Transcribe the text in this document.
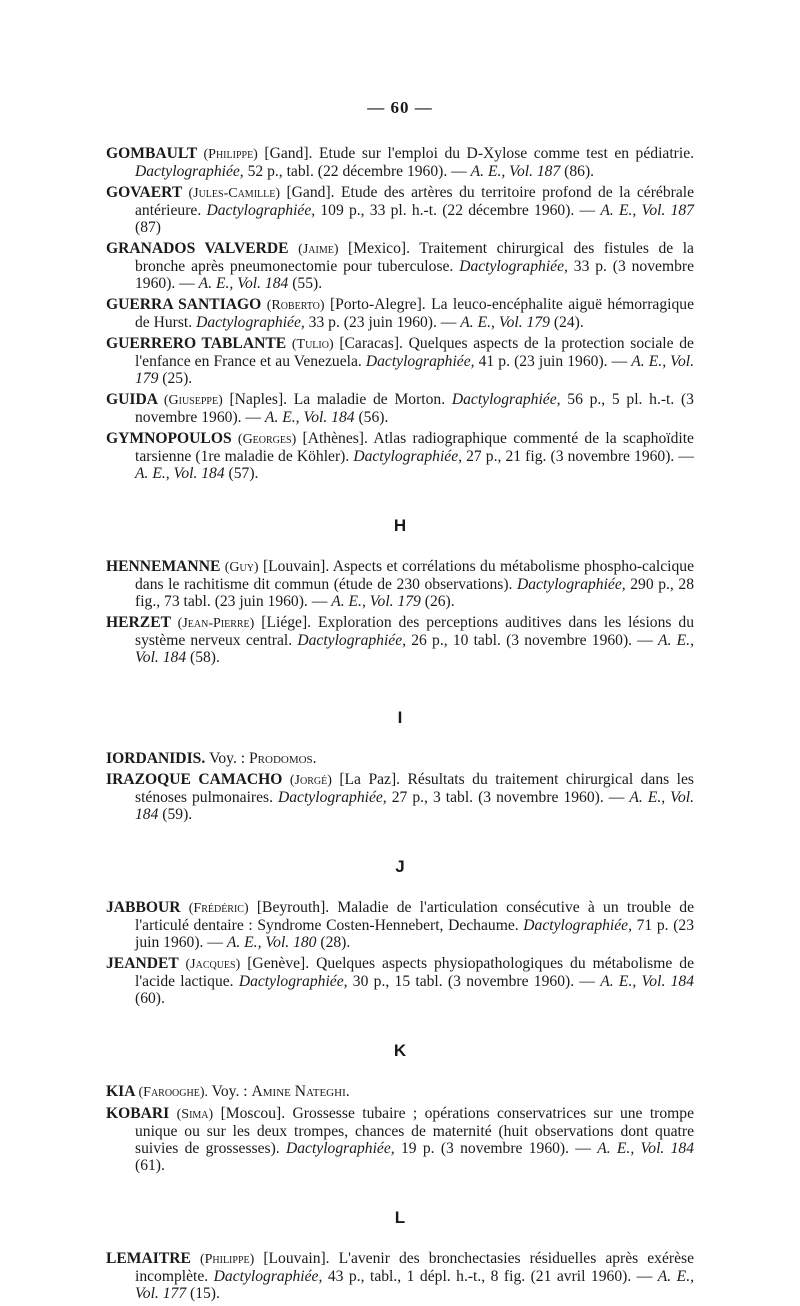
— 60 —

GOMBAULT (Philippe) [Gand]. Etude sur l'emploi du D-Xylose comme test en pédiatrie. Dactylographiée, 52 p., tabl. (22 décembre 1960). — A. E., Vol. 187 (86).

GOVAERT (Jules-Camille) [Gand]. Etude des artères du territoire profond de la cérébrale antérieure. Dactylographiée, 109 p., 33 pl. h.-t. (22 décembre 1960). — A. E., Vol. 187 (87)

GRANADOS VALVERDE (Jaime) [Mexico]. Traitement chirurgical des fistules de la bronche après pneumonectomie pour tuberculose. Dactylographiée, 33 p. (3 novembre 1960). — A. E., Vol. 184 (55).

GUERRA SANTIAGO (Roberto) [Porto-Alegre]. La leuco-encéphalite aiguë hémorragique de Hurst. Dactylographiée, 33 p. (23 juin 1960). — A. E., Vol. 179 (24).

GUERRERO TABLANTE (Tulio) [Caracas]. Quelques aspects de la protection sociale de l'enfance en France et au Venezuela. Dactylographiée, 41 p. (23 juin 1960). — A. E., Vol. 179 (25).

GUIDA (Giuseppe) [Naples]. La maladie de Morton. Dactylographiée, 56 p., 5 pl. h.-t. (3 novembre 1960). — A. E., Vol. 184 (56).

GYMNOPOULOS (Georges) [Athènes]. Atlas radiographique commenté de la scaphoïdite tarsienne (1re maladie de Köhler). Dactylographiée, 27 p., 21 fig. (3 novembre 1960). — A. E., Vol. 184 (57).

H

HENNEMANNE (Guy) [Louvain]. Aspects et corrélations du métabolisme phospho-calcique dans le rachitisme dit commun (étude de 230 observations). Dactylographiée, 290 p., 28 fig., 73 tabl. (23 juin 1960). — A. E., Vol. 179 (26).

HERZET (Jean-Pierre) [Liége]. Exploration des perceptions auditives dans les lésions du système nerveux central. Dactylographiée, 26 p., 10 tabl. (3 novembre 1960). — A. E., Vol. 184 (58).

I

IORDANIDIS. Voy. : Prodomos.

IRAZOQUE CAMACHO (Jorgé) [La Paz]. Résultats du traitement chirurgical dans les sténoses pulmonaires. Dactylographiée, 27 p., 3 tabl. (3 novembre 1960). — A. E., Vol. 184 (59).

J

JABBOUR (Frédéric) [Beyrouth]. Maladie de l'articulation consécutive à un trouble de l'articulé dentaire : Syndrome Costen-Hennebert, Dechaume. Dactylographiée, 71 p. (23 juin 1960). — A. E., Vol. 180 (28).

JEANDET (Jacques) [Genève]. Quelques aspects physiopathologiques du métabolisme de l'acide lactique. Dactylographiée, 30 p., 15 tabl. (3 novembre 1960). — A. E., Vol. 184 (60).

K

KIA (Farooghe). Voy. : Amine Nateghi.

KOBARI (Sima) [Moscou]. Grossesse tubaire ; opérations conservatrices sur une trompe unique ou sur les deux trompes, chances de maternité (huit observations dont quatre suivies de grossesses). Dactylographiée, 19 p. (3 novembre 1960). — A. E., Vol. 184 (61).

L

LEMAITRE (Philippe) [Louvain]. L'avenir des bronchectasies résiduelles après exérèse incomplète. Dactylographiée, 43 p., tabl., 1 dépl. h.-t., 8 fig. (21 avril 1960). — A. E., Vol. 177 (15).
